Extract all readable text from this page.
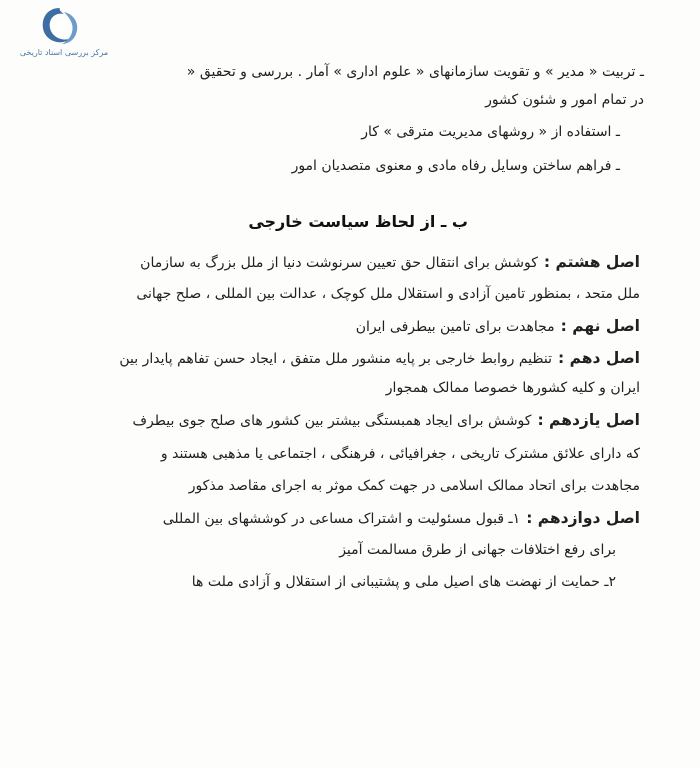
مرکز بررسی اسناد تاریخی
ـ تربیت « مدیر » و تقویت سازمانهای « علوم اداری » آمار . بررسی و تحقیق «
در تمام امور و شئون کشور
ـ استفاده از « روشهای مدیریت مترقی » کار
ـ فراهم ساختن وسایل رفاه مادی و معنوی متصدیان امور
ب ـ از لحاظ سیاست خارجی
اصل هشتم :کوشش برای انتقال حق تعیین سرنوشت دنیا از ملل بزرگ به سازمان
ملل متحد ، بمنظور تامین آزادی و استقلال ملل کوچک ، عدالت بین المللی ، صلح جهانی
اصل نهم :مجاهدت برای تامین بیطرفی ایران
اصل دهم :تنظیم روابط خارجی بر پایه منشور ملل متفق ، ایجاد حسن تفاهم پایدار بین
ایران و کلیه کشورها خصوصا ممالک همجوار
اصل یازدهم :کوشش برای ایجاد همبستگی بیشتر بین کشور های صلح جوی بیطرف
که دارای علائق مشترک تاریخی ، جغرافیائی ، فرهنگی ، اجتماعی یا مذهبی هستند و
مجاهدت برای اتحاد ممالک اسلامی در جهت کمک موثر به اجرای مقاصد مذکور
اصل دوازدهم :۱ـ قبول مسئولیت و اشتراک مساعی در کوششهای بین المللی
برای رفع اختلافات جهانی از طرق مسالمت آمیز
۲ـ حمایت از نهضت های اصیل ملی و پشتیبانی از استقلال و آزادی ملت ها
